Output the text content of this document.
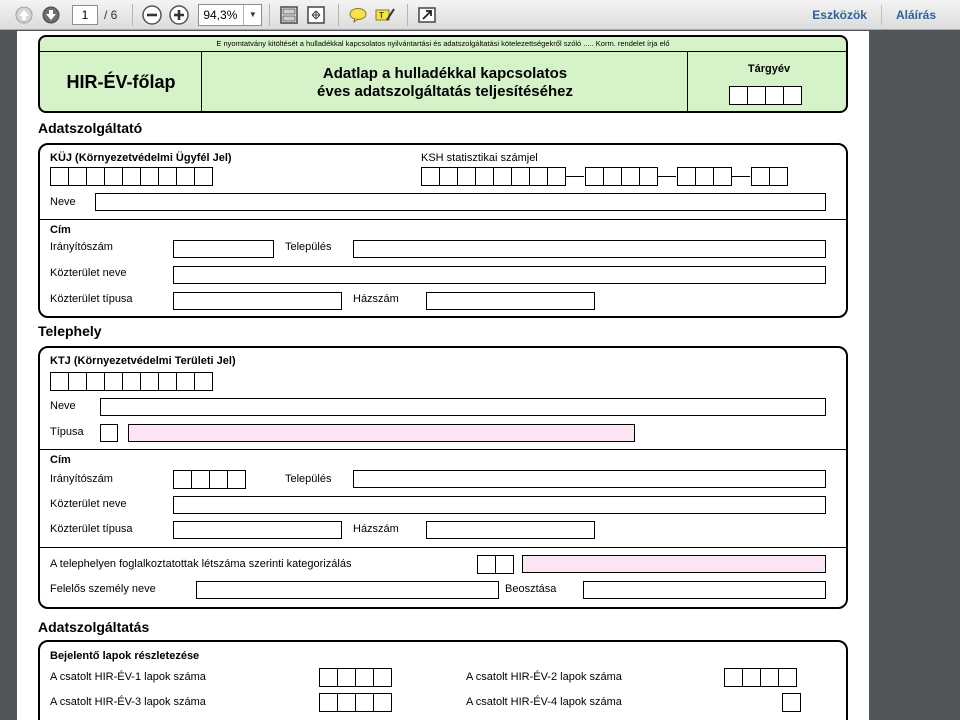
1	/ 6	94,3%	▼	T	Eszközök	Aláírás
E nyomtatvány kitöltését a hulladékkal kapcsolatos nyilvántartási és adatszolgáltatási kötelezettségekről szóló ..... Korm. rendelet írja elő
HIR-ÉV-főlap	Adatlap a hulladékkal kapcsolatos
éves adatszolgáltatás teljesítéséhez
Tárgyév
Adatszolgáltató
KÜJ (Környezetvédelmi Ügyfél Jel)	KSH statisztikai számjel
Neve
Cím
Irányítószám	Település
Közterület neve
Közterület típusa	Házszám
Telephely
KTJ (Környezetvédelmi Területi Jel)
Neve
Típusa
Cím
Irányítószám	Település
Közterület neve
Közterület típusa	Házszám
A telephelyen foglalkoztatottak létszáma szerinti kategorizálás
Felelős személy neve	Beosztása
Adatszolgáltatás
Bejelentő lapok részletezése
A csatolt HIR-ÉV-1 lapok száma	A csatolt HIR-ÉV-2 lapok száma
A csatolt HIR-ÉV-3 lapok száma	A csatolt HIR-ÉV-4 lapok száma
